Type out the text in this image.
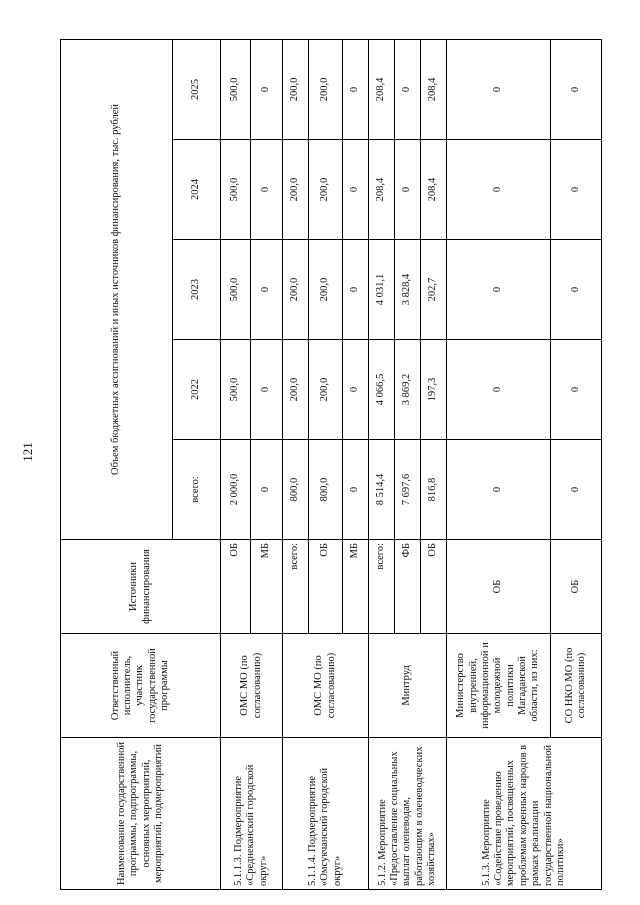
121
Наименование государственной программы, подпрограммы, основных мероприятий, мероприятий, подмероприятий	Ответственный исполнитель, участник государственной программы	Источники финансирования	Объем бюджетных ассигнований и иных источников финансирования, тыс. рублей				
			всего:	2022	2023	2024	2025
5.1.1.3. Подмероприятие «Среднеканский городской округ»	ОМС МО (по согласованию)	ОБ	2 000,0	500,0	500,0	500,0	500,0
		МБ	0	0	0	0	0
5.1.1.4. Подмероприятие «Омсукчанский городской округ»	ОМС МО (по согласованию)	всего:	800,0	200,0	200,0	200,0	200,0
		ОБ	800,0	200,0	200,0	200,0	200,0
		МБ	0	0	0	0	0
5.1.2. Мероприятие «Предоставление социальных выплат оленеводам, работающим в оленеводческих хозяйствах»	Минтруд	всего:	8 514,4	4 066,5	4 031,1	208,4	208,4
		ФБ	7 697,6	3 869,2	3 828,4	0	0
		ОБ	816,8	197,3	202,7	208,4	208,4
5.1.3. Мероприятие «Содействие проведению мероприятий, посвященных проблемам коренных народов в рамках реализации государственной национальной политики»	Министерство внутренней, информационной и молодежной политики Магаданской области, из них:	ОБ	0	0	0	0	0
	СО НКО МО (по согласованию)	ОБ	0	0	0	0	0
